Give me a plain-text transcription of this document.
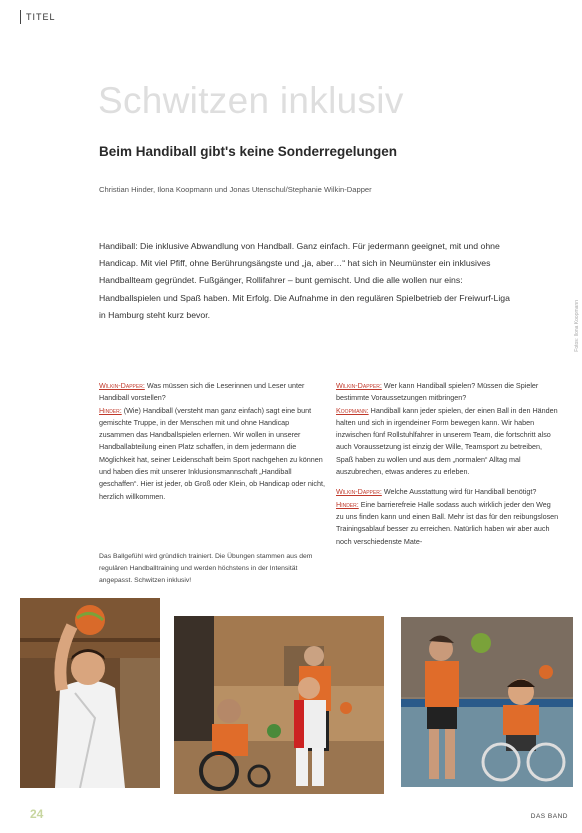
TITEL
Schwitzen inklusiv
Beim Handiball gibt's keine Sonderregelungen
Christian Hinder, Ilona Koopmann und Jonas Utenschul/Stephanie Wilkin-Dapper

Handiball: Die inklusive Abwandlung von Handball. Ganz einfach. Für jedermann geeignet, mit und ohne Handicap. Mit viel Pfiff, ohne Berührungsängste und „ja, aber…“ hat sich in Neumünster ein inklusives Handballteam gegründet. Fußgänger, Rollifahrer – bunt gemischt. Und die alle wollen nur eins: Handballspielen und Spaß haben. Mit Erfolg. Die Aufnahme in den regulären Spielbetrieb der Freiwurf-Liga in Hamburg steht kurz bevor.	Fotos: Ilona Koopmann

Wilkin-Dapper: Was müssen sich die Leserinnen und Leser unter Handiball vorstellen?

Hinder: (Wie) Handiball (versteht man ganz einfach) sagt eine bunt gemischte Truppe, in der Menschen mit und ohne Handicap zusammen das Handballspielen erlernen. Wir wollen in unserer Handballabteilung einen Platz schaffen, in dem jedermann die Möglichkeit hat, seiner Leidenschaft beim Sport nachgehen zu können und haben dies mit unserer Inklusionsmannschaft „Handiball geschaffen“. Hier ist jeder, ob Groß oder Klein, ob Handicap oder nicht, herzlich willkommen.

Das Ballgefühl wird gründlich trainiert. Die Übungen stammen aus dem regulären Handballtraining und werden höchstens in der Intensität angepasst. Schwitzen inklusiv!

Wilkin-Dapper: Wer kann Handiball spielen? Müssen die Spieler bestimmte Voraussetzungen mitbringen?

Koopmann: Handiball kann jeder spielen, der einen Ball in den Händen halten und sich in irgendeiner Form bewegen kann. Wir haben inzwischen fünf Rollstuhlfahrer in unserem Team, die fortschritt also auch Voraussetzung ist einzig der Wille, Teamsport zu betreiben, Spaß haben zu wollen und aus dem „normalen“ Alltag mal auszubrechen, etwas anderes zu erleben.

Wilkin-Dapper: Welche Ausstattung wird für Handiball benötigt?

Hinder: Eine barrierefreie Halle sodass auch wirklich jeder den Weg zu uns finden kann und einen Ball. Mehr ist das für den reibungslosen Trainingsablauf besser zu erreichen. Natürlich haben wir aber auch noch verschiedenste Mate-

24	DAS BAND
